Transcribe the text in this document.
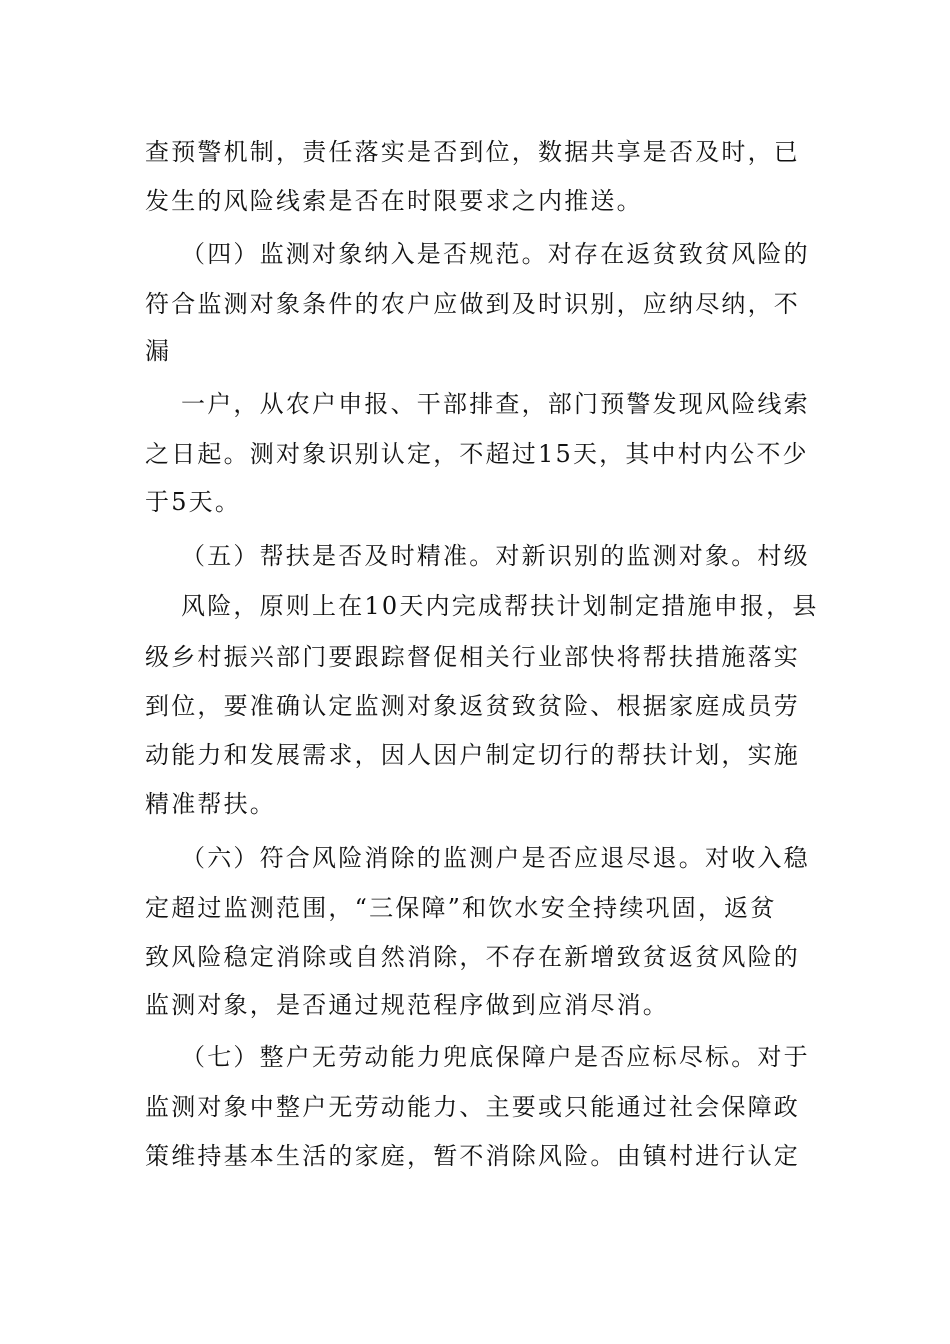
查预警机制，责任落实是否到位，数据共享是否及时，已
发生的风险线索是否在时限要求之内推送。
（四）监测对象纳入是否规范。对存在返贫致贫风险的
符合监测对象条件的农户应做到及时识别，应纳尽纳，不
漏
一户，从农户申报、干部排查，部门预警发现风险线索
之日起。测对象识别认定，不超过15天，其中村内公不少
于5天。
（五）帮扶是否及时精准。对新识别的监测对象。村级
风险，原则上在10天内完成帮扶计划制定措施申报，县
级乡村振兴部门要跟踪督促相关行业部快将帮扶措施落实
到位，要准确认定监测对象返贫致贫险、根据家庭成员劳
动能力和发展需求，因人因户制定切行的帮扶计划，实施
精准帮扶。
（六）符合风险消除的监测户是否应退尽退。对收入稳
定超过监测范围，“三保障”和饮水安全持续巩固，返贫
致风险稳定消除或自然消除，不存在新增致贫返贫风险的
监测对象，是否通过规范程序做到应消尽消。
（七）整户无劳动能力兜底保障户是否应标尽标。对于
监测对象中整户无劳动能力、主要或只能通过社会保障政
策维持基本生活的家庭，暂不消除风险。由镇村进行认定
